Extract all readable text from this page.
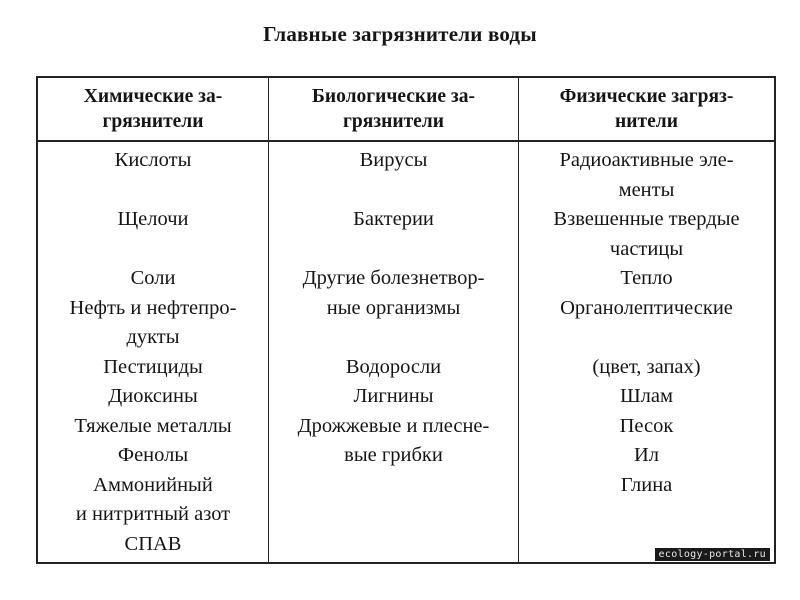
Главные загрязнители воды
Химические за-
грязнители
Кислоты
Щелочи
Соли
Нефть и нефтепро-
дукты
Пестициды
Диоксины
Тяжелые металлы
Фенолы
Аммонийный
и нитритный азот
СПАВ
Биологические за-
грязнители
Вирусы
Бактерии
Другие болезнетвор-
ные организмы
Водоросли
Лигнины
Дрожжевые и плесне-
вые грибки
Физические загряз-
нители
Радиоактивные эле-
менты
Взвешенные твердые
частицы
Тепло
Органолептические
(цвет, запах)
Шлам
Песок
Ил
Глина
ecology-portal.ru
